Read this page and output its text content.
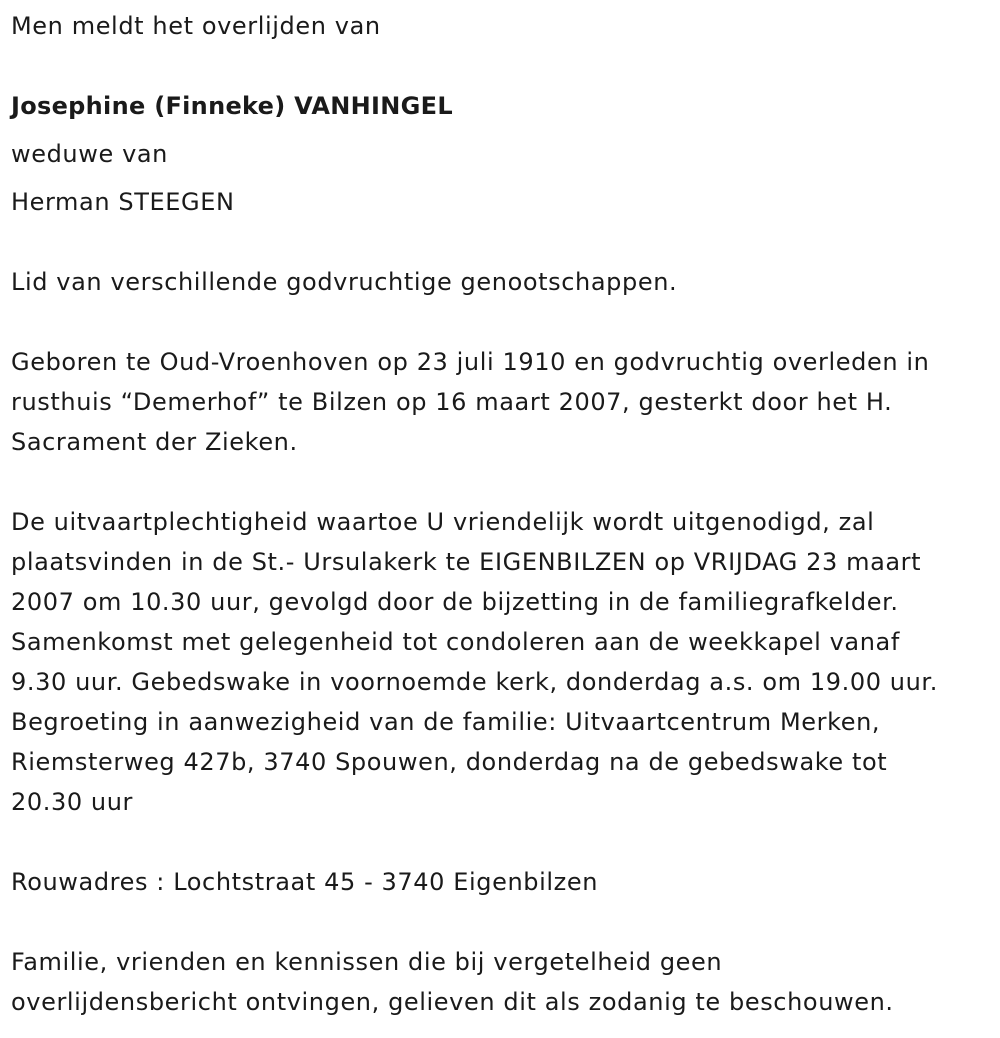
Men meldt het overlijden van
Josephine (Finneke) VANHINGEL
weduwe van
Herman STEEGEN
Lid van verschillende godvruchtige genootschappen.
Geboren te Oud-Vroenhoven op 23 juli 1910 en godvruchtig overleden in
rusthuis “Demerhof” te Bilzen op 16 maart 2007, gesterkt door het H.
Sacrament der Zieken.
De uitvaartplechtigheid waartoe U vriendelijk wordt uitgenodigd, zal
plaatsvinden in de St.- Ursulakerk te EIGENBILZEN op VRIJDAG 23 maart
2007 om 10.30 uur, gevolgd door de bijzetting in de familiegrafkelder.
Samenkomst met gelegenheid tot condoleren aan de weekkapel vanaf
9.30 uur. Gebedswake in voornoemde kerk, donderdag a.s. om 19.00 uur.
Begroeting in aanwezigheid van de familie: Uitvaartcentrum Merken,
Riemsterweg 427b, 3740 Spouwen, donderdag na de gebedswake tot
20.30 uur
Rouwadres : Lochtstraat 45 - 3740 Eigenbilzen
Familie, vrienden en kennissen die bij vergetelheid geen
overlijdensbericht ontvingen, gelieven dit als zodanig te beschouwen.
